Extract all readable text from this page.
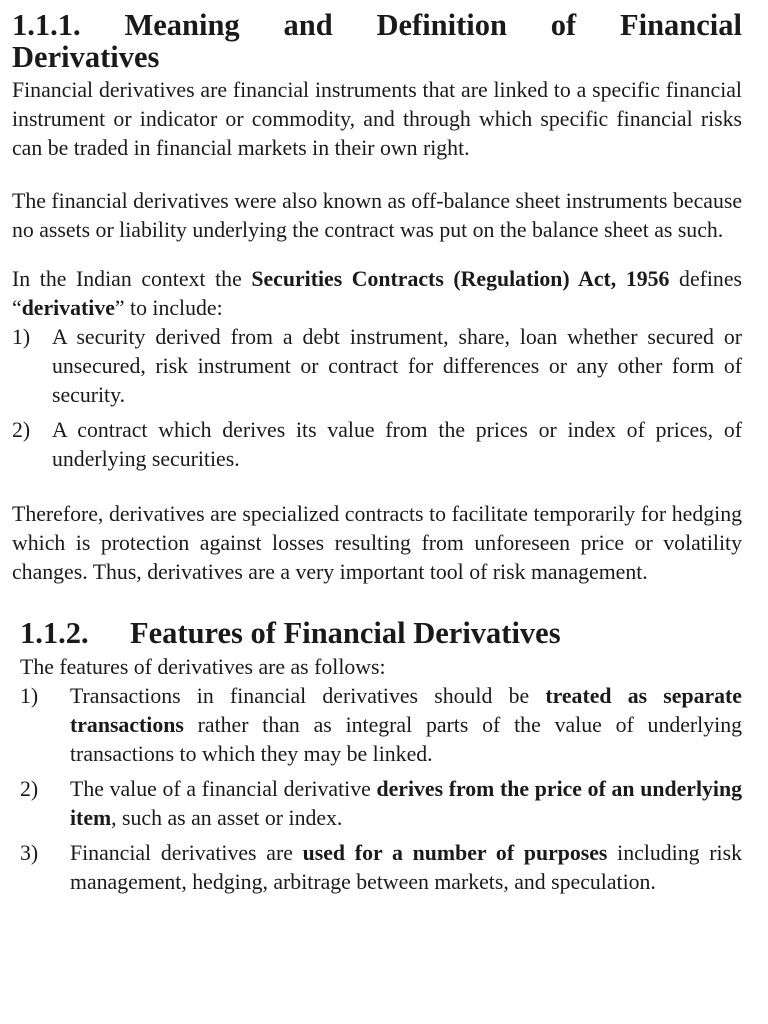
1.1.1. Meaning and Definition of Financial
Derivatives

Financial derivatives are financial instruments that are linked to a specific financial instrument or indicator or commodity, and through which specific financial risks can be traded in financial markets in their own right.

The financial derivatives were also known as off-balance sheet instruments because no assets or liability underlying the contract was put on the balance sheet as such.

In the Indian context the Securities Contracts (Regulation) Act, 1956 defines “derivative” to include:

1) A security derived from a debt instrument, share, loan whether secured or unsecured, risk instrument or contract for differences or any other form of security.
2) A contract which derives its value from the prices or index of prices, of underlying securities.

Therefore, derivatives are specialized contracts to facilitate temporarily for hedging which is protection against losses resulting from unforeseen price or volatility changes. Thus, derivatives are a very important tool of risk management.

1.1.2. Features of Financial Derivatives

The features of derivatives are as follows:

1) Transactions in financial derivatives should be treated as separate transactions rather than as integral parts of the value of underlying transactions to which they may be linked.
2) The value of a financial derivative derives from the price of an underlying item, such as an asset or index.
3) Financial derivatives are used for a number of purposes including risk management, hedging, arbitrage between markets, and speculation.
